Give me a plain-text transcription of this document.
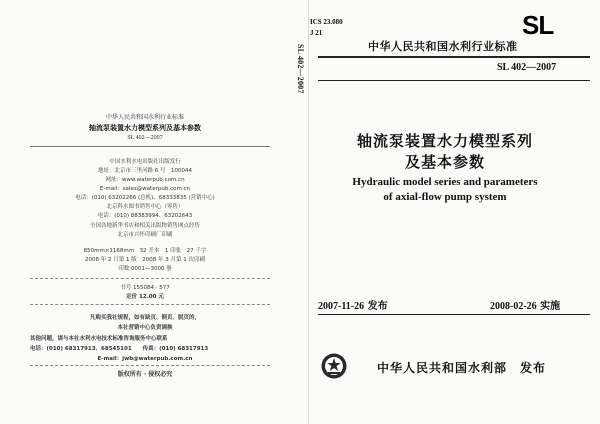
中华人民共和国水利行业标准
轴流泵装置水力模型系列及基本参数
SL 402—2007
中国水利水电出版社出版发行
地址：北京市三里河路 6 号　100044
网址：www.waterpub.com.cn
E-mail：sales@waterpub.com.cn
电话：(010) 63202266 (总机)、68333835 (营销中心)
北京科水图书销售中心（零售）
电话：(010) 88383994、63202643
全国各地新华书店和相关出版物销售网点经售
北京市兴怀印刷厂印刷
850mm×1168mm　32 开本　1 印张　27 千字
2008 年 2 月第 1 版　2008 年 3 月第 1 次印刷
印数 0001—3000 册
书号 155084 · 577
定价 12.00 元
凡购买我社规程，如有缺页、倒页、脱页的，
本社营销中心负责调换
其他问题，请与本社水利水电技术标准咨询服务中心联系
电话：(010) 68317913、68545101　　传真：(010) 68317913
E-mail：jwb@waterpub.com.cn
版权所有 · 侵权必究
SL 402—2007
ICS 23.080
J 21	SL
中华人民共和国水利行业标准
SL 402—2007
轴流泵装置水力模型系列
及基本参数
Hydraulic model series and parameters
of axial-flow pump system
2007-11-26 发布	2008-02-26 实施
中华人民共和国水利部　发布
